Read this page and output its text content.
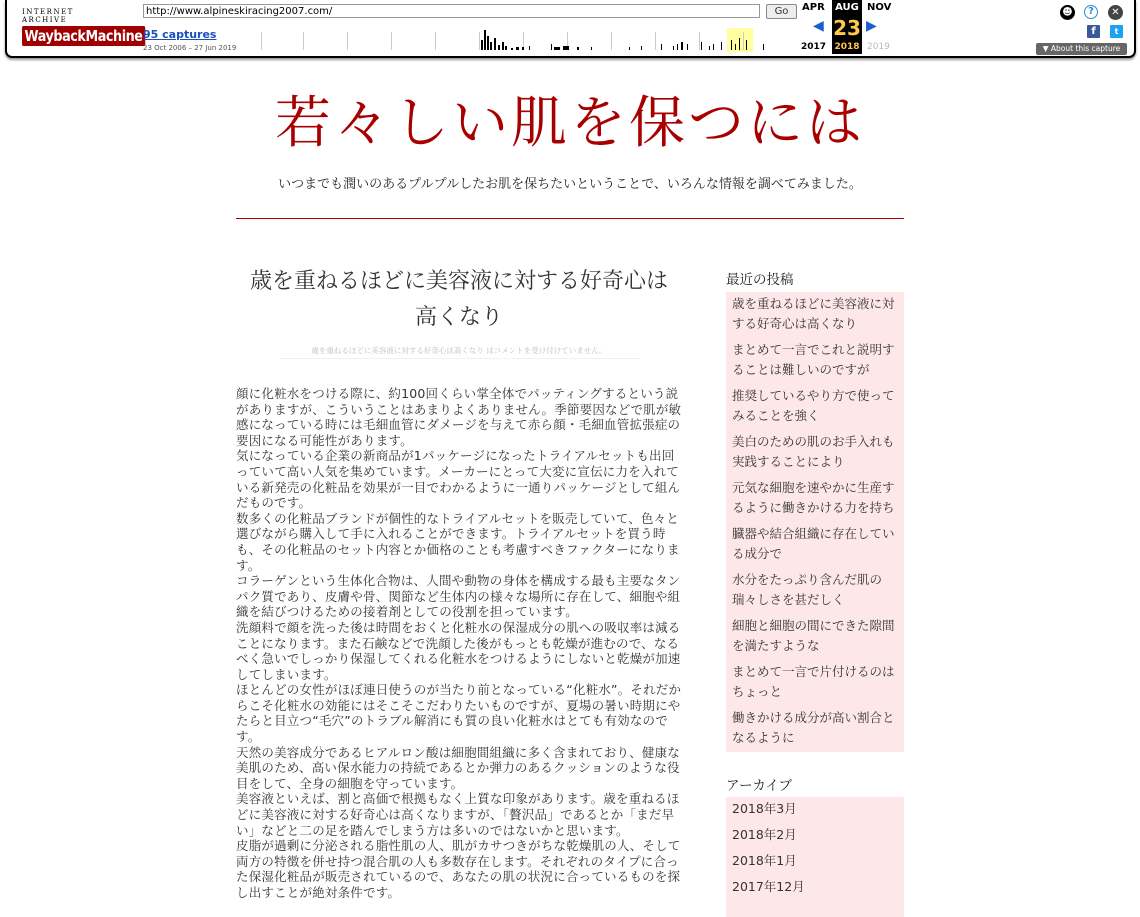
INTERNET ARCHIVE
WaybackMachine
http://www.alpineskiracing2007.com/	Go
95 captures
23 Oct 2006 – 27 Jun 2019
APR	AUG NOV
◀ 23 ▶
2017 2018 2019
☻	?	✕
f	t
▼ About this capture
若々しい肌を保つには
いつまでも潤いのあるプルプルしたお肌を保ちたいということで、いろんな情報を調べてみました。
歳を重ねるほどに美容液に対する好奇心は高くなり
歳を重ねるほどに美容液に対する好奇心は高くなり はコメントを受け付けていません。

顔に化粧水をつける際に、約100回くらい掌全体でパッティングするという説がありますが、こういうことはあまりよくありません。季節要因などで肌が敏感になっている時には毛細血管にダメージを与えて赤ら顔・毛細血管拡張症の要因になる可能性があります。

気になっている企業の新商品が1パッケージになったトライアルセットも出回っていて高い人気を集めています。メーカーにとって大変に宣伝に力を入れている新発売の化粧品を効果が一目でわかるように一通りパッケージとして組んだものです。

数多くの化粧品ブランドが個性的なトライアルセットを販売していて、色々と選びながら購入して手に入れることができます。トライアルセットを買う時も、その化粧品のセット内容とか価格のことも考慮すべきファクターになります。

コラーゲンという生体化合物は、人間や動物の身体を構成する最も主要なタンパク質であり、皮膚や骨、関節など生体内の様々な場所に存在して、細胞や組織を結びつけるための接着剤としての役割を担っています。

洗顔料で顔を洗った後は時間をおくと化粧水の保湿成分の肌への吸収率は減ることになります。また石鹸などで洗顔した後がもっとも乾燥が進むので、なるべく急いでしっかり保湿してくれる化粧水をつけるようにしないと乾燥が加速してしまいます。

ほとんどの女性がほぼ連日使うのが当たり前となっている“化粧水”。それだからこそ化粧水の効能にはそこそこだわりたいものですが、夏場の暑い時期にやたらと目立つ“毛穴”のトラブル解消にも質の良い化粧水はとても有効なのです。

天然の美容成分であるヒアルロン酸は細胞間組織に多く含まれており、健康な美肌のため、高い保水能力の持続であるとか弾力のあるクッションのような役目をして、全身の細胞を守っています。

美容液といえば、割と高価で根拠もなく上質な印象があります。歳を重ねるほどに美容液に対する好奇心は高くなりますが、「贅沢品」であるとか「まだ早い」などと二の足を踏んでしまう方は多いのではないかと思います。

皮脂が過剰に分泌される脂性肌の人、肌がカサつきがちな乾燥肌の人、そして両方の特徴を併せ持つ混合肌の人も多数存在します。それぞれのタイプに合った保湿化粧品が販売されているので、あなたの肌の状況に合っているものを探し出すことが絶対条件です。

最近の投稿
歳を重ねるほどに美容液に対する好奇心は高くなり
まとめて一言でこれと説明することは難しいのですが
推奨しているやり方で使ってみることを強く
美白のための肌のお手入れも実践することにより
元気な細胞を速やかに生産するように働きかける力を持ち
臓器や結合組織に存在している成分で
水分をたっぷり含んだ肌の瑞々しさを甚だしく
細胞と細胞の間にできた隙間を満たすような
まとめて一言で片付けるのはちょっと
働きかける成分が高い割合となるように
アーカイブ
2018年3月
2018年2月
2018年1月
2017年12月
